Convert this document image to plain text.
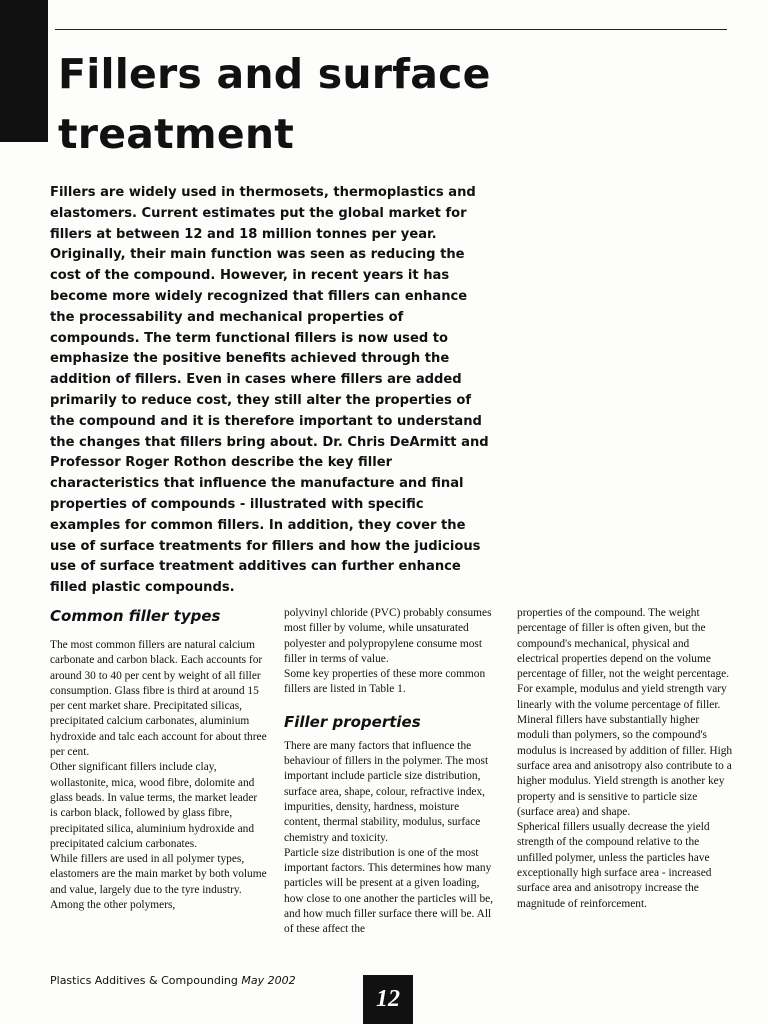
Fillers and surface treatment

Fillers are widely used in thermosets, thermoplastics and elastomers. Current estimates put the global market for fillers at between 12 and 18 million tonnes per year. Originally, their main function was seen as reducing the cost of the compound. However, in recent years it has become more widely recognized that fillers can enhance the processability and mechanical properties of compounds. The term functional fillers is now used to emphasize the positive benefits achieved through the addition of fillers. Even in cases where fillers are added primarily to reduce cost, they still alter the properties of the compound and it is therefore important to understand the changes that fillers bring about. Dr. Chris DeArmitt and Professor Roger Rothon describe the key filler characteristics that influence the manufacture and final properties of compounds - illustrated with specific examples for common fillers. In addition, they cover the use of surface treatments for fillers and how the judicious use of surface treatment additives can further enhance filled plastic compounds.

Common filler types

The most common fillers are natural calcium carbonate and carbon black. Each accounts for around 30 to 40 per cent by weight of all filler consumption. Glass fibre is third at around 15 per cent market share. Precipitated silicas, precipitated calcium carbonates, aluminium hydroxide and talc each account for about three per cent.

Other significant fillers include clay, wollastonite, mica, wood fibre, dolomite and glass beads. In value terms, the market leader is carbon black, followed by glass fibre, precipitated silica, aluminium hydroxide and precipitated calcium carbonates.

While fillers are used in all polymer types, elastomers are the main market by both volume and value, largely due to the tyre industry. Among the other polymers,

polyvinyl chloride (PVC) probably consumes most filler by volume, while unsaturated polyester and polypropylene consume most filler in terms of value.

Some key properties of these more common fillers are listed in Table 1.

Filler properties

There are many factors that influence the behaviour of fillers in the polymer. The most important include particle size distribution, surface area, shape, colour, refractive index, impurities, density, hardness, moisture content, thermal stability, modulus, surface chemistry and toxicity.

Particle size distribution is one of the most important factors. This determines how many particles will be present at a given loading, how close to one another the particles will be, and how much filler surface there will be. All of these affect the

properties of the compound. The weight percentage of filler is often given, but the compound's mechanical, physical and electrical properties depend on the volume percentage of filler, not the weight percentage. For example, modulus and yield strength vary linearly with the volume percentage of filler.

Mineral fillers have substantially higher moduli than polymers, so the compound's modulus is increased by addition of filler. High surface area and anisotropy also contribute to a higher modulus. Yield strength is another key property and is sensitive to particle size (surface area) and shape.

Spherical fillers usually decrease the yield strength of the compound relative to the unfilled polymer, unless the particles have exceptionally high surface area - increased surface area and anisotropy increase the magnitude of reinforcement.

Plastics Additives & Compounding May 2002
12
